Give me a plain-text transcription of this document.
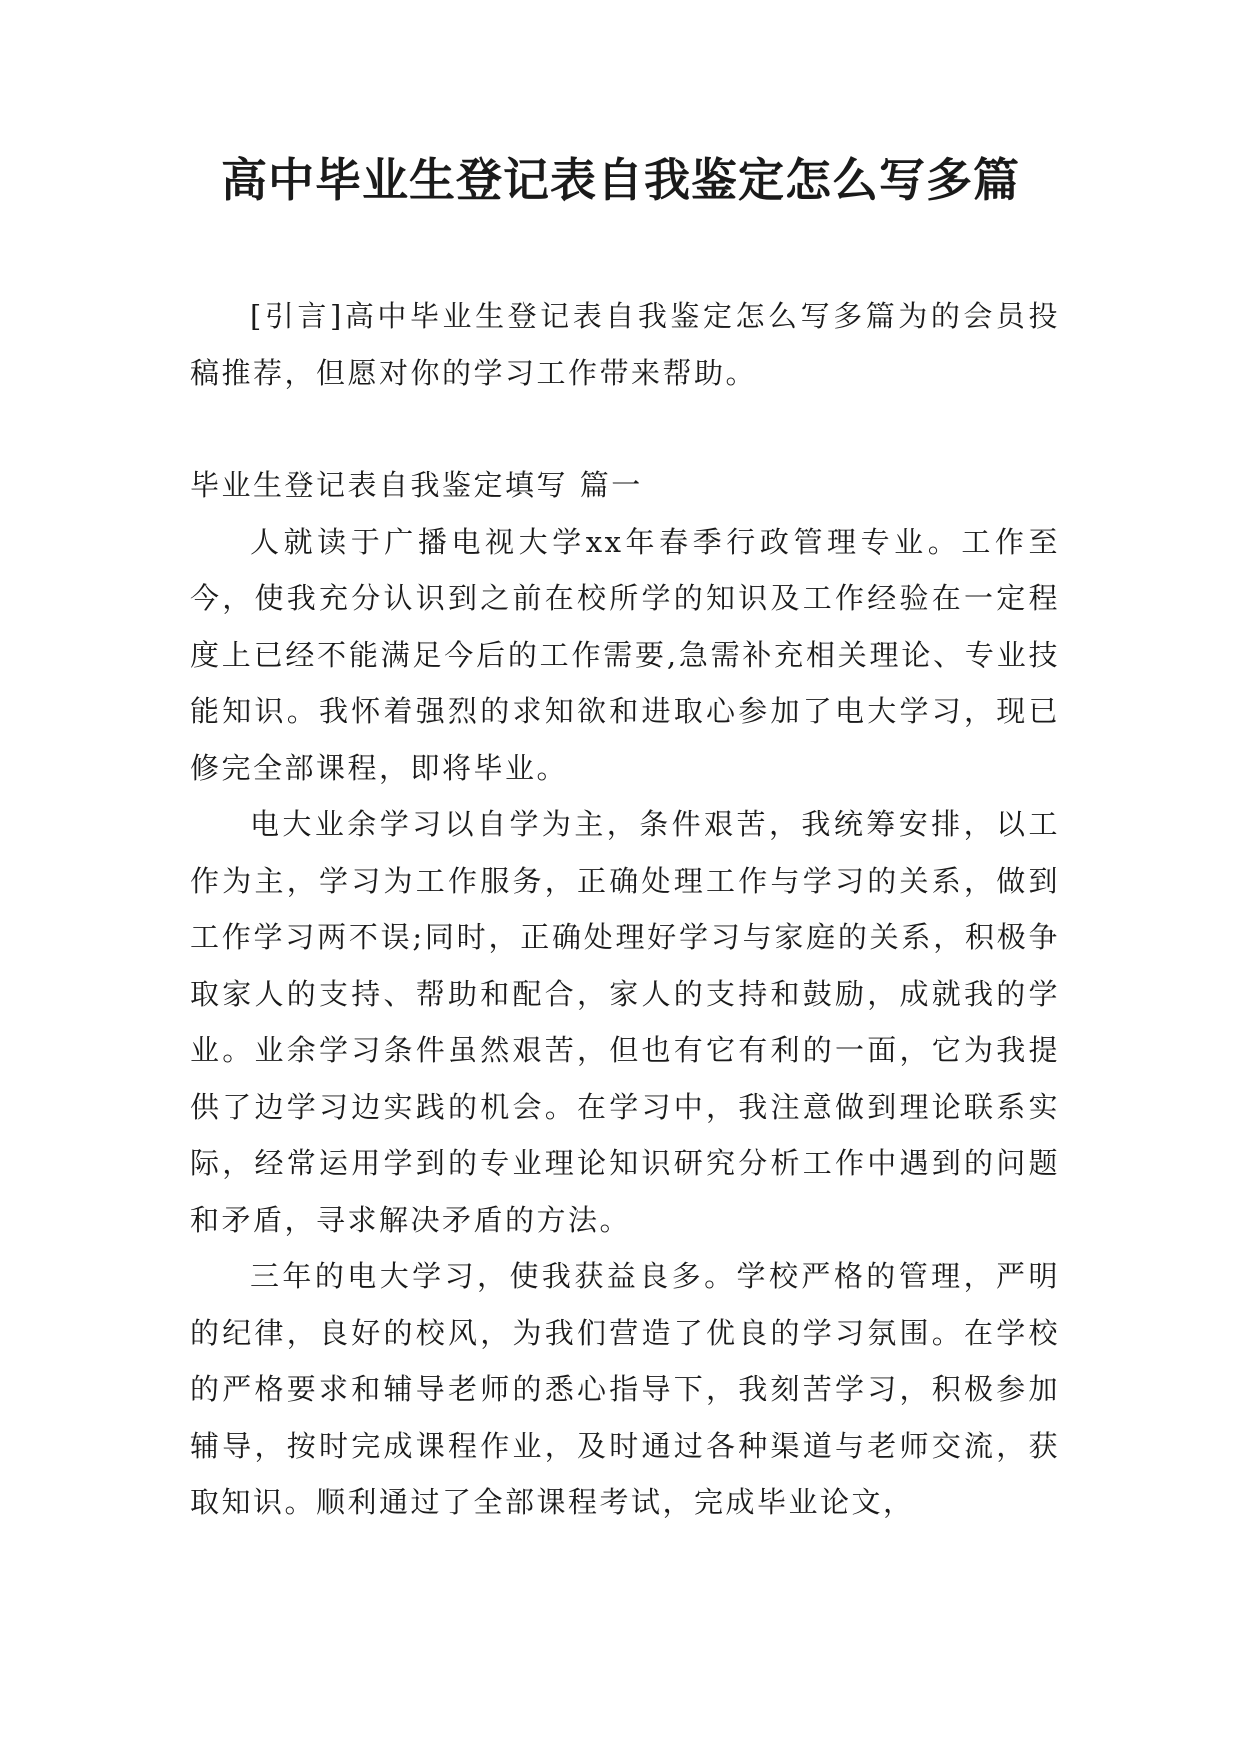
高中毕业生登记表自我鉴定怎么写多篇

[引言]高中毕业生登记表自我鉴定怎么写多篇为的会员投稿推荐，但愿对你的学习工作带来帮助。

毕业生登记表自我鉴定填写 篇一

人就读于广播电视大学xx年春季行政管理专业。工作至今，使我充分认识到之前在校所学的知识及工作经验在一定程度上已经不能满足今后的工作需要,急需补充相关理论、专业技能知识。我怀着强烈的求知欲和进取心参加了电大学习，现已修完全部课程，即将毕业。

电大业余学习以自学为主，条件艰苦，我统筹安排，以工作为主，学习为工作服务，正确处理工作与学习的关系，做到工作学习两不误;同时，正确处理好学习与家庭的关系，积极争取家人的支持、帮助和配合，家人的支持和鼓励，成就我的学业。业余学习条件虽然艰苦，但也有它有利的一面，它为我提供了边学习边实践的机会。在学习中，我注意做到理论联系实际，经常运用学到的专业理论知识研究分析工作中遇到的问题和矛盾，寻求解决矛盾的方法。

三年的电大学习，使我获益良多。学校严格的管理，严明的纪律，良好的校风，为我们营造了优良的学习氛围。在学校的严格要求和辅导老师的悉心指导下，我刻苦学习，积极参加辅导，按时完成课程作业，及时通过各种渠道与老师交流，获取知识。顺利通过了全部课程考试，完成毕业论文，
